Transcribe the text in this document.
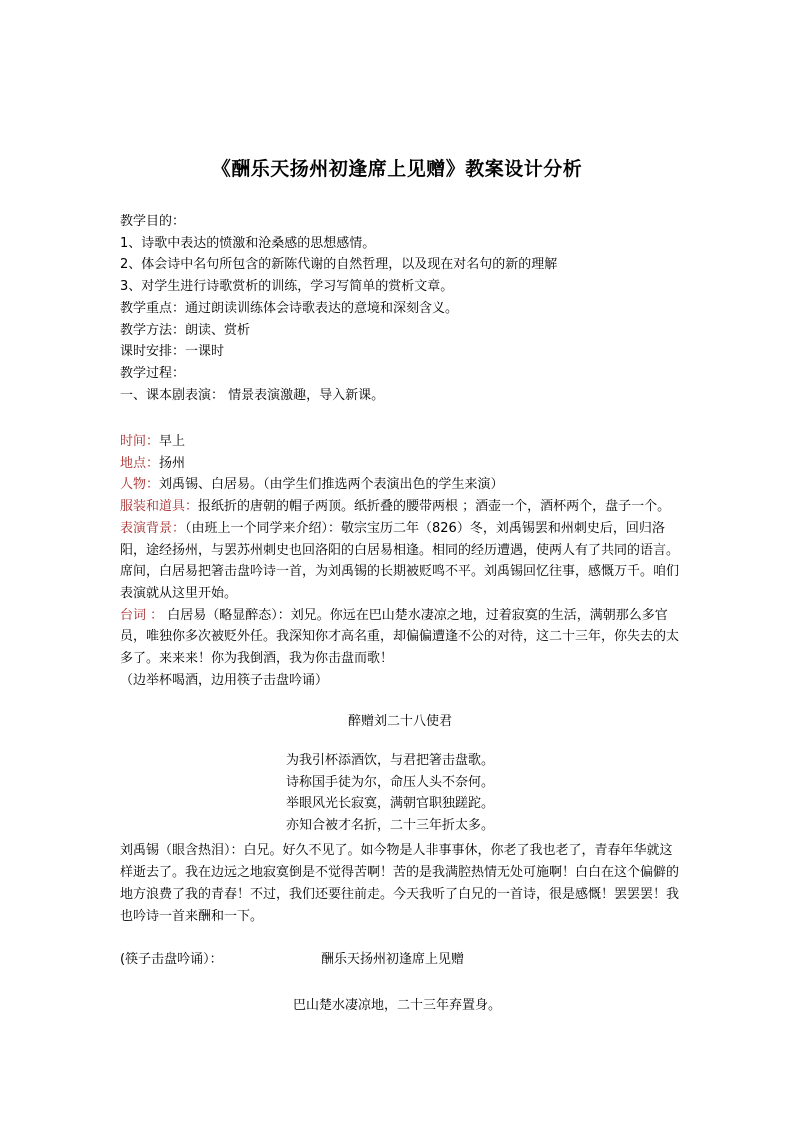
《酬乐天扬州初逢席上见赠》教案设计分析

教学目的：

1、诗歌中表达的愤激和沧桑感的思想感情。

2、体会诗中名句所包含的新陈代谢的自然哲理，以及现在对名句的新的理解

3、对学生进行诗歌赏析的训练，学习写简单的赏析文章。

教学重点：通过朗读训练体会诗歌表达的意境和深刻含义。

教学方法：朗读、赏析

课时安排：一课时

教学过程：

一、课本剧表演： 情景表演激趣，导入新课。

时间：早上

地点：扬州

人物：刘禹锡、白居易。（由学生们推选两个表演出色的学生来演）

服装和道具：报纸折的唐朝的帽子两顶。纸折叠的腰带两根 ；酒壶一个，酒杯两个，盘子一个。

表演背景：（由班上一个同学来介绍）：敬宗宝历二年（826）冬，刘禹锡罢和州刺史后，回归洛阳，途经扬州，与罢苏州刺史也回洛阳的白居易相逢。相同的经历遭遇，使两人有了共同的语言。席间，白居易把箸击盘吟诗一首，为刘禹锡的长期被贬鸣不平。刘禹锡回忆往事，感慨万千。咱们表演就从这里开始。

台词 ： 白居易（略显醉态）：刘兄。你远在巴山楚水凄凉之地，过着寂寞的生活，满朝那么多官员，唯独你多次被贬外任。我深知你才高名重，却偏偏遭逢不公的对待，这二十三年，你失去的太多了。来来来！你为我倒酒，我为你击盘而歌！

（边举杯喝酒，边用筷子击盘吟诵）

醉赠刘二十八使君

为我引杯添酒饮，与君把箸击盘歌。

诗称国手徒为尔，命压人头不奈何。

举眼风光长寂寞，满朝官职独蹉跎。

亦知合被才名折，二十三年折太多。

刘禹锡（眼含热泪）：白兄。好久不见了。如今物是人非事事休，你老了我也老了，青春年华就这样逝去了。我在边远之地寂寞倒是不觉得苦啊！苦的是我满腔热情无处可施啊！白白在这个偏僻的地方浪费了我的青春！不过，我们还要往前走。今天我听了白兄的一首诗，很是感慨！罢罢罢！我也吟诗一首来酬和一下。

(筷子击盘吟诵）：	酬乐天扬州初逢席上见赠
巴山楚水凄凉地，二十三年弃置身。
